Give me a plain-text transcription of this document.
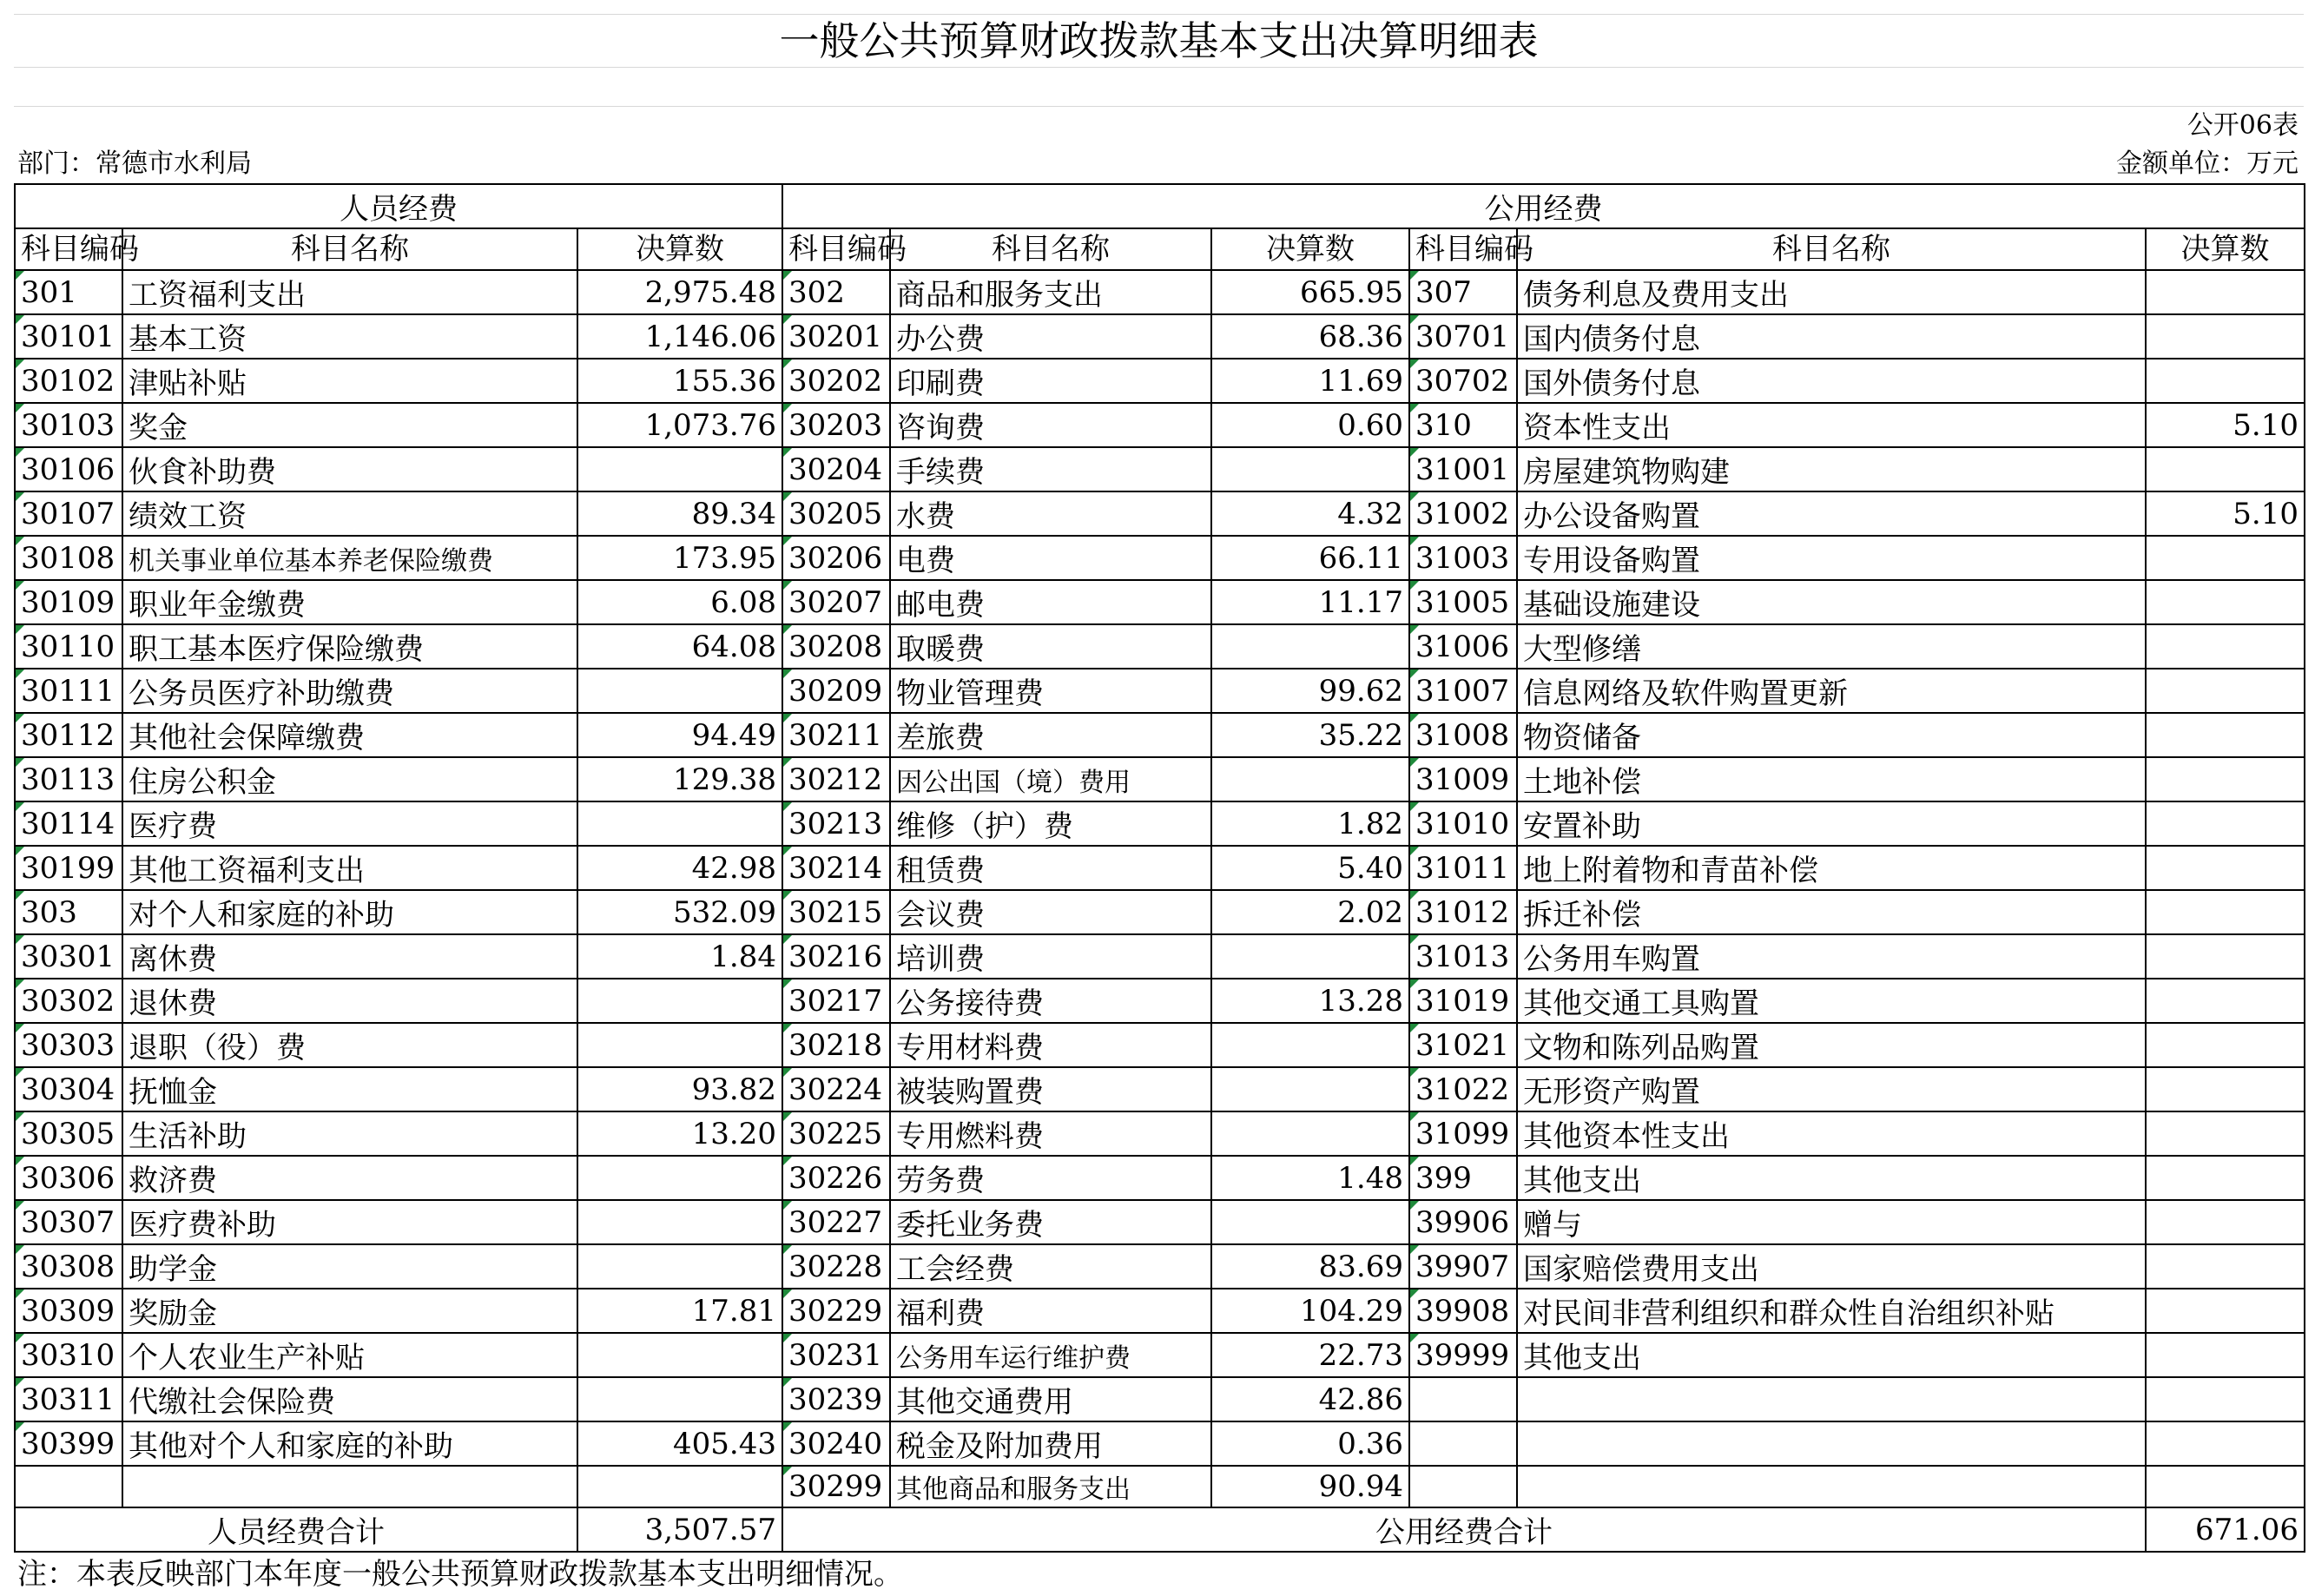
一般公共预算财政拨款基本支出决算明细表
公开06表
部门：常德市水利局	金额单位：万元
人员经费			公用经费					
科目编码	科目名称	决算数	科目编码	科目名称	决算数	科目编码	科目名称	决算数
301	工资福利支出	2,975.48	302	商品和服务支出	665.95	307	债务利息及费用支出	
30101	基本工资	1,146.06	30201	办公费	68.36	30701	国内债务付息	
30102	津贴补贴	155.36	30202	印刷费	11.69	30702	国外债务付息	
30103	奖金	1,073.76	30203	咨询费	0.60	310	资本性支出	5.10
30106	伙食补助费		30204	手续费		31001	房屋建筑物购建	
30107	绩效工资	89.34	30205	水费	4.32	31002	办公设备购置	5.10
30108	机关事业单位基本养老保险缴费	173.95	30206	电费	66.11	31003	专用设备购置	
30109	职业年金缴费	6.08	30207	邮电费	11.17	31005	基础设施建设	
30110	职工基本医疗保险缴费	64.08	30208	取暖费		31006	大型修缮	
30111	公务员医疗补助缴费		30209	物业管理费	99.62	31007	信息网络及软件购置更新	
30112	其他社会保障缴费	94.49	30211	差旅费	35.22	31008	物资储备	
30113	住房公积金	129.38	30212	因公出国（境）费用		31009	土地补偿	
30114	医疗费		30213	维修（护）费	1.82	31010	安置补助	
30199	其他工资福利支出	42.98	30214	租赁费	5.40	31011	地上附着物和青苗补偿	
303	对个人和家庭的补助	532.09	30215	会议费	2.02	31012	拆迁补偿	
30301	离休费	1.84	30216	培训费		31013	公务用车购置	
30302	退休费		30217	公务接待费	13.28	31019	其他交通工具购置	
30303	退职（役）费		30218	专用材料费		31021	文物和陈列品购置	
30304	抚恤金	93.82	30224	被装购置费		31022	无形资产购置	
30305	生活补助	13.20	30225	专用燃料费		31099	其他资本性支出	
30306	救济费		30226	劳务费	1.48	399	其他支出	
30307	医疗费补助		30227	委托业务费		39906	赠与	
30308	助学金		30228	工会经费	83.69	39907	国家赔偿费用支出	
30309	奖励金	17.81	30229	福利费	104.29	39908	对民间非营利组织和群众性自治组织补贴	
30310	个人农业生产补贴		30231	公务用车运行维护费	22.73	39999	其他支出	
30311	代缴社会保险费		30239	其他交通费用	42.86			
30399	其他对个人和家庭的补助	405.43	30240	税金及附加费用	0.36			
			30299	其他商品和服务支出	90.94			
人员经费合计		3,507.57	公用经费合计					671.06
注：本表反映部门本年度一般公共预算财政拨款基本支出明细情况。
